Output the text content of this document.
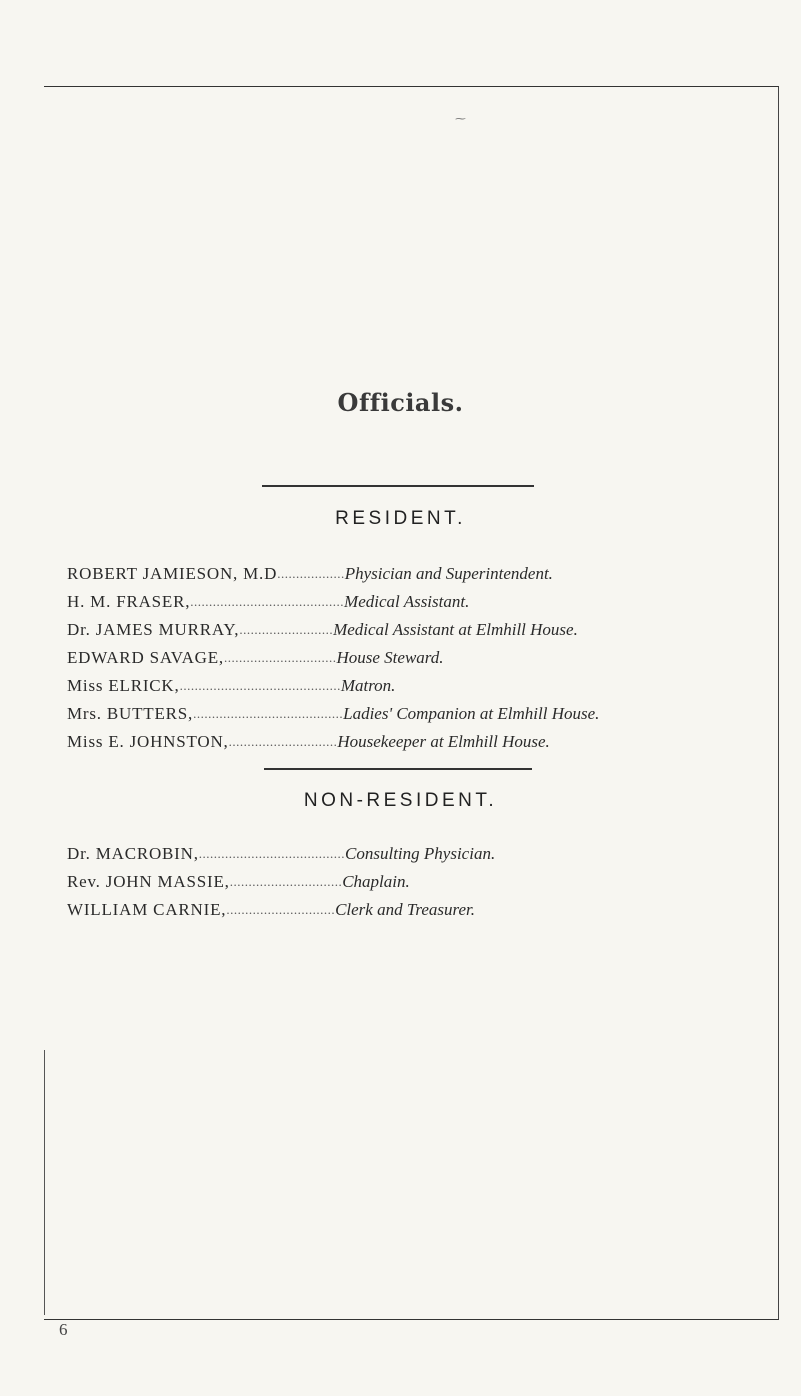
⁓
Officials.
RESIDENT.
ROBERT JAMIESON, M.D .................. Physician and Superintendent.
H. M. FRASER, ......................................... Medical Assistant.
Dr. JAMES MURRAY, ......................... Medical Assistant at Elmhill House.
EDWARD SAVAGE, .............................. House Steward.
Miss ELRICK, ........................................... Matron.
Mrs. BUTTERS, ........................................ Ladies' Companion at Elmhill House.
Miss E. JOHNSTON, ............................. Housekeeper at Elmhill House.
NON-RESIDENT.
Dr. MACROBIN, ....................................... Consulting Physician.
Rev. JOHN MASSIE, .............................. Chaplain.
WILLIAM CARNIE, ............................. Clerk and Treasurer.
6
